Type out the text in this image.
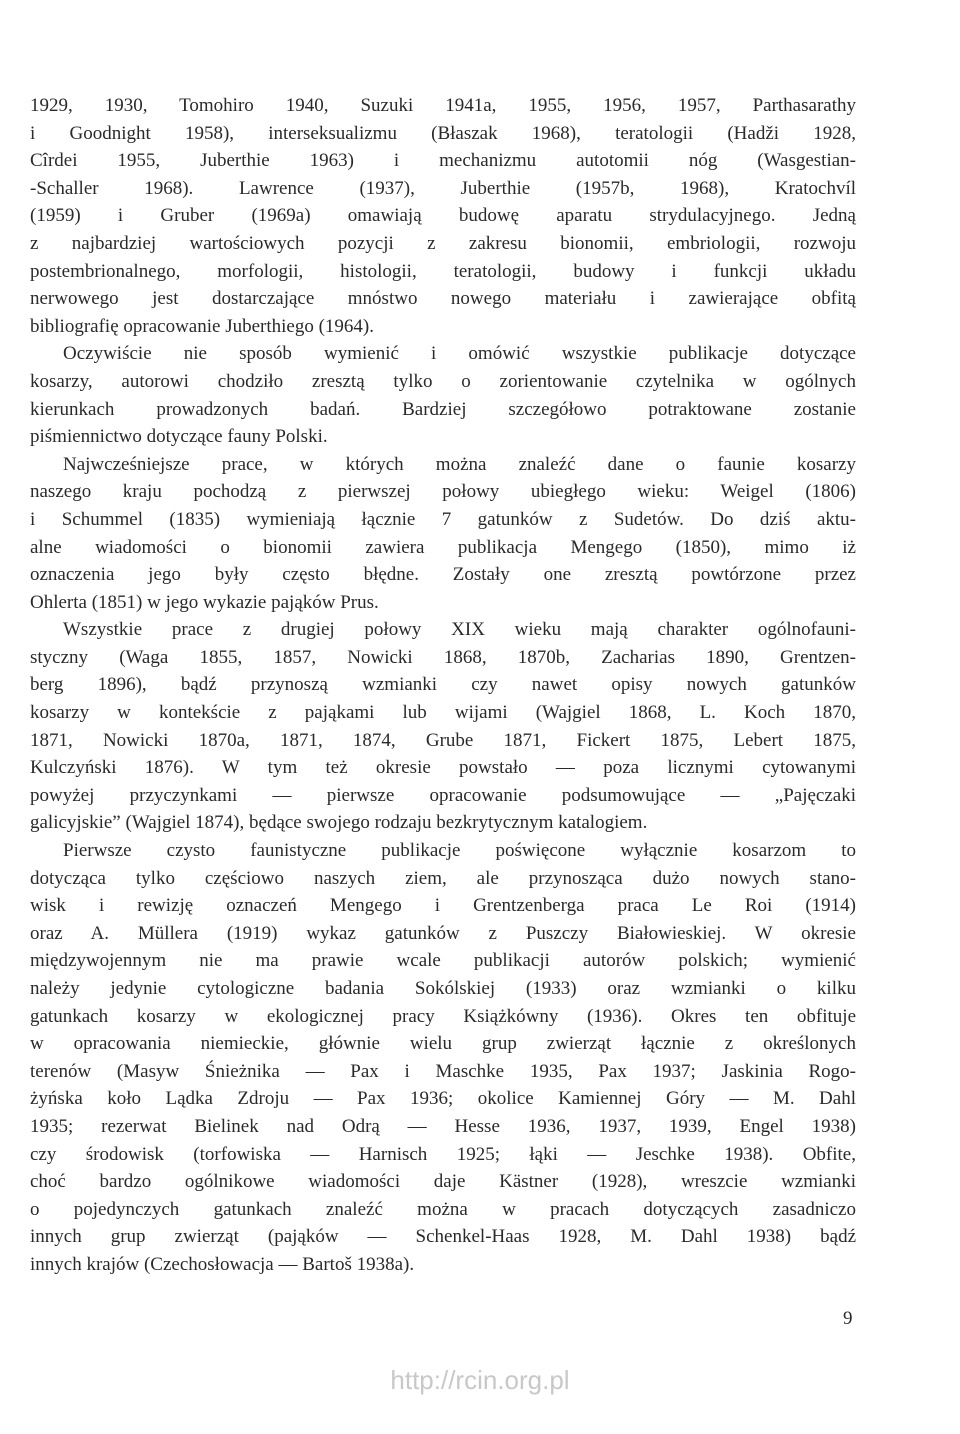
1929, 1930, Tomohiro 1940, Suzuki 1941a, 1955, 1956, 1957, Parthasarathy
i Goodnight 1958), interseksualizmu (Błaszak 1968), teratologii (Hadži 1928,
Cîrdei 1955, Juberthie 1963) i mechanizmu autotomii nóg (Wasgestian-
-Schaller 1968). Lawrence (1937), Juberthie (1957b, 1968), Kratochvíl
(1959) i Gruber (1969a) omawiają budowę aparatu strydulacyjnego. Jedną
z najbardziej wartościowych pozycji z zakresu bionomii, embriologii, rozwoju
postembrionalnego, morfologii, histologii, teratologii, budowy i funkcji układu
nerwowego jest dostarczające mnóstwo nowego materiału i zawierające obfitą
bibliografię opracowanie Juberthiego (1964).
Oczywiście nie sposób wymienić i omówić wszystkie publikacje dotyczące
kosarzy, autorowi chodziło zresztą tylko o zorientowanie czytelnika w ogólnych
kierunkach prowadzonych badań. Bardziej szczegółowo potraktowane zostanie
piśmiennictwo dotyczące fauny Polski.
Najwcześniejsze prace, w których można znaleźć dane o faunie kosarzy
naszego kraju pochodzą z pierwszej połowy ubiegłego wieku: Weigel (1806)
i Schummel (1835) wymieniają łącznie 7 gatunków z Sudetów. Do dziś aktu-
alne wiadomości o bionomii zawiera publikacja Mengego (1850), mimo iż
oznaczenia jego były często błędne. Zostały one zresztą powtórzone przez
Ohlerta (1851) w jego wykazie pająków Prus.
Wszystkie prace z drugiej połowy XIX wieku mają charakter ogólnofauni-
styczny (Waga 1855, 1857, Nowicki 1868, 1870b, Zacharias 1890, Grentzen-
berg 1896), bądź przynoszą wzmianki czy nawet opisy nowych gatunków
kosarzy w kontekście z pająkami lub wijami (Wajgiel 1868, L. Koch 1870,
1871, Nowicki 1870a, 1871, 1874, Grube 1871, Fickert 1875, Lebert 1875,
Kulczyński 1876). W tym też okresie powstało — poza licznymi cytowanymi
powyżej przyczynkami — pierwsze opracowanie podsumowujące — „Pajęczaki
galicyjskie” (Wajgiel 1874), będące swojego rodzaju bezkrytycznym katalogiem.
Pierwsze czysto faunistyczne publikacje poświęcone wyłącznie kosarzom to
dotycząca tylko częściowo naszych ziem, ale przynosząca dużo nowych stano-
wisk i rewizję oznaczeń Mengego i Grentzenberga praca Le Roi (1914)
oraz A. Müllera (1919) wykaz gatunków z Puszczy Białowieskiej. W okresie
międzywojennym nie ma prawie wcale publikacji autorów polskich; wymienić
należy jedynie cytologiczne badania Sokólskiej (1933) oraz wzmianki o kilku
gatunkach kosarzy w ekologicznej pracy Książkówny (1936). Okres ten obfituje
w opracowania niemieckie, głównie wielu grup zwierząt łącznie z określonych
terenów (Masyw Śnieżnika — Pax i Maschke 1935, Pax 1937; Jaskinia Rogo-
żyńska koło Lądka Zdroju — Pax 1936; okolice Kamiennej Góry — M. Dahl
1935; rezerwat Bielinek nad Odrą — Hesse 1936, 1937, 1939, Engel 1938)
czy środowisk (torfowiska — Harnisch 1925; łąki — Jeschke 1938). Obfite,
choć bardzo ogólnikowe wiadomości daje Kästner (1928), wreszcie wzmianki
o pojedynczych gatunkach znaleźć można w pracach dotyczących zasadniczo
innych grup zwierząt (pająków — Schenkel-Haas 1928, M. Dahl 1938) bądź
innych krajów (Czechosłowacja — Bartoš 1938a).
9
http://rcin.org.pl
